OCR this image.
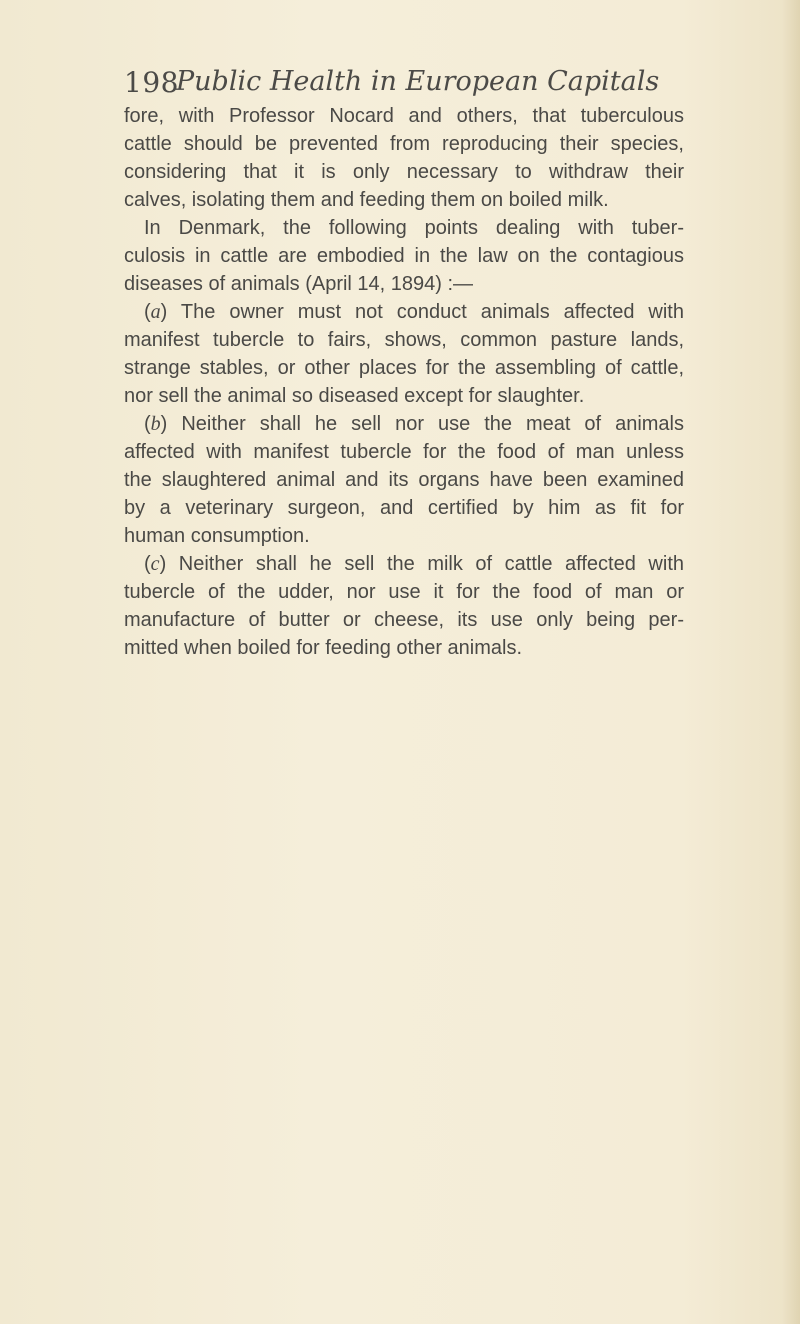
198
Public Health in European Capitals
fore, with Professor Nocard and others, that tuberculous
cattle should be prevented from reproducing their species,
considering that it is only necessary to withdraw their
calves, isolating them and feeding them on boiled milk.
In Denmark, the following points dealing with tuber-
culosis in cattle are embodied in the law on the contagious
diseases of animals (April 14, 1894) :—
(a) The owner must not conduct animals affected with
manifest tubercle to fairs, shows, common pasture lands,
strange stables, or other places for the assembling of cattle,
nor sell the animal so diseased except for slaughter.
(b) Neither shall he sell nor use the meat of animals
affected with manifest tubercle for the food of man unless
the slaughtered animal and its organs have been examined
by a veterinary surgeon, and certified by him as fit for
human consumption.
(c) Neither shall he sell the milk of cattle affected with
tubercle of the udder, nor use it for the food of man or
manufacture of butter or cheese, its use only being per-
mitted when boiled for feeding other animals.
